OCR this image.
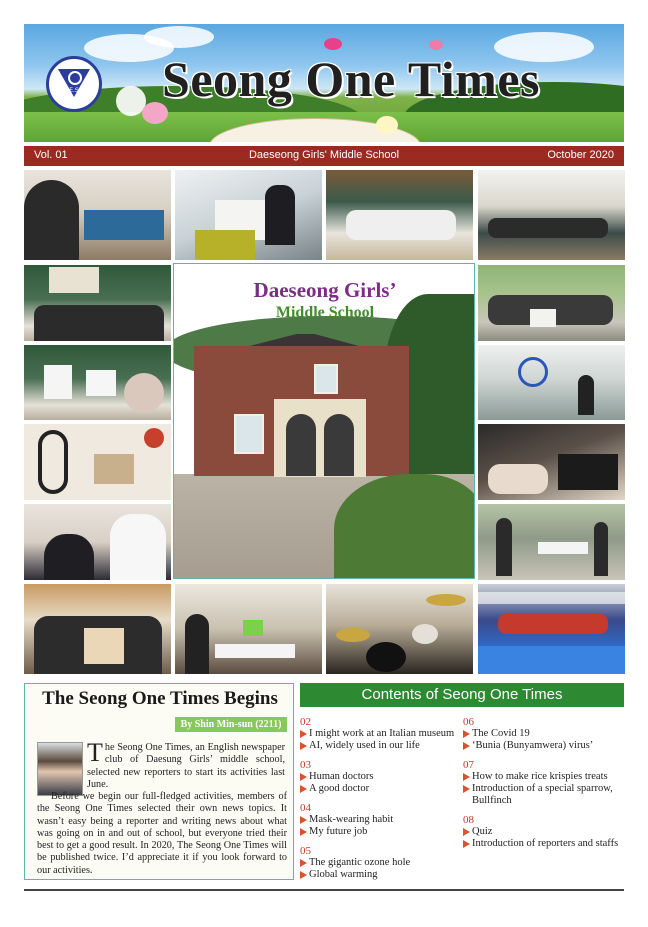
E.S	Seong One Times
Vol. 01	Daeseong Girls' Middle School	October 2020
Daeseong Girls’
Middle School
The Seong One Times Begins
By Shin Min-sun (2211)
The Seong One Times, an English newspaper club of Daesung Girls’ middle school, selected new reporters to start its activities last June.
Before we begin our full-fledged activities, members of the Seong One Times selected their own news topics. It wasn’t easy being a reporter and writing news about what was going on in and out of school, but everyone tried their best to get a good result. In 2020, The Seong One Times will be published twice. I’d appreciate it if you look forward to our activities.
Contents of Seong One Times
02
I might work at an Italian museum
AI, widely used in our life
03
Human doctors
A good doctor
04
Mask-wearing habit
My future job
05
The gigantic ozone hole
Global warming
06
The Covid 19
‘Bunia (Bunyamwera) virus’
07
How to make rice krispies treats
Introduction of a special sparrow, Bullfinch
08
Quiz
Introduction of reporters and staffs
